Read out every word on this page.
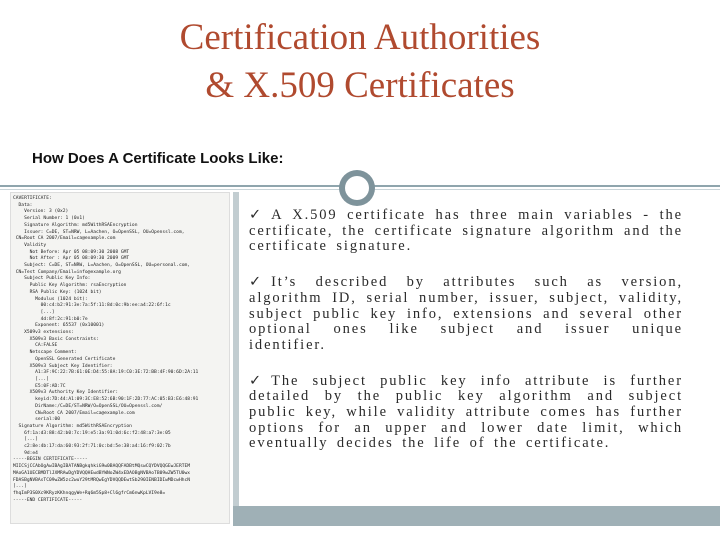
Certification Authorities
& X.509 Certificates
How Does A Certificate Looks Like:
CAVERTIFICATE:
Data:
Version: 3 (0x2)
Serial Number: 1 (0x1)
Signature Algorithm: md5WithRSAEncryption
Issuer: C=DE, ST=NRW, L=Aachen, O=OpenSSL, OU=Openssl.com,
CN=Root CA 2007/Email=ca@example.com
Validity
Not Before: Apr 05 08:09:30 2008 GMT
Not After : Apr 05 08:09:30 2009 GMT
Subject: C=DE, ST=NRW, L=Aachen, O=OpenSSL, OU=personal.com,
CN=Test Company/Email=info@example.org
Subject Public Key Info:
Public Key Algorithm: rsaEncryption
RSA Public Key: (1024 bit)
Modulus (1024 bit):
00:c4:b2:91:3e:7a:5f:11:8d:0c:9b:ee:a4:22:6f:1c
[...]
4d:8f:2c:91:b0:7e
Exponent: 65537 (0x10001)
X509v3 extensions:
X509v3 Basic Constraints:
CA:FALSE
Netscape Comment:
OpenSSL Generated Certificate
X509v3 Subject Key Identifier:
A1:3F:9C:22:7B:61:0E:D4:55:8A:19:C0:3E:72:BB:4F:90:6D:2A:11
[...]
E5:0F:AD:7C
X509v3 Authority Key Identifier:
keyid:7D:44:A1:09:3C:E8:52:6B:90:1F:2D:77:AC:05:B3:E6:48:91
DirName:/C=DE/ST=NRW/O=OpenSSL/OU=Openssl.com/
CN=Root CA 2007/Email=ca@example.com
serial:00
Signature Algorithm: md5WithRSAEncryption
6f:1a:d3:88:42:b0:7c:19:e5:3a:91:0d:6c:f2:48:a7:3e:05
[...]
c2:8e:4b:17:da:60:93:2f:71:0c:bd:5e:38:a4:16:f9:02:7b
9d:e4
-----BEGIN CERTIFICATE-----
MIICSjCCAbOgAwIBAgIBATANBgkqhkiG9w0BAQQFADBtMQswCQYDVQQGEwJERTEM
MAoGA1UECBMDTlJXMRAwDgYDVQQHEwdBYWNoZW4xEDAOBgNVBAoTB09wZW5TU0wx
FDASBgNVBAsTC09wZW5zc2wuY29tMRQwEgYDVQQDEwtSb290IENBIDIwMDcwHhcN
[...]
fhqImP3S0Xc9KRyzKKhnqgyWe+Rq6m5Sp8+Cl6gfrCm6nwKpLVI9e8=
-----END CERTIFICATE-----

✓ A X.509 certificate has three main variables - the certificate, the certificate signature algorithm and the certificate signature.

✓ It’s described by attributes such as version, algorithm ID, serial number, issuer, subject, validity, subject public key info, extensions and several other optional ones like subject and issuer unique identifier.

✓ The subject public key info attribute is further detailed by the public key algorithm and subject public key, while validity attribute comes has further options for an upper and lower date limit, which eventually decides the life of the certificate.
